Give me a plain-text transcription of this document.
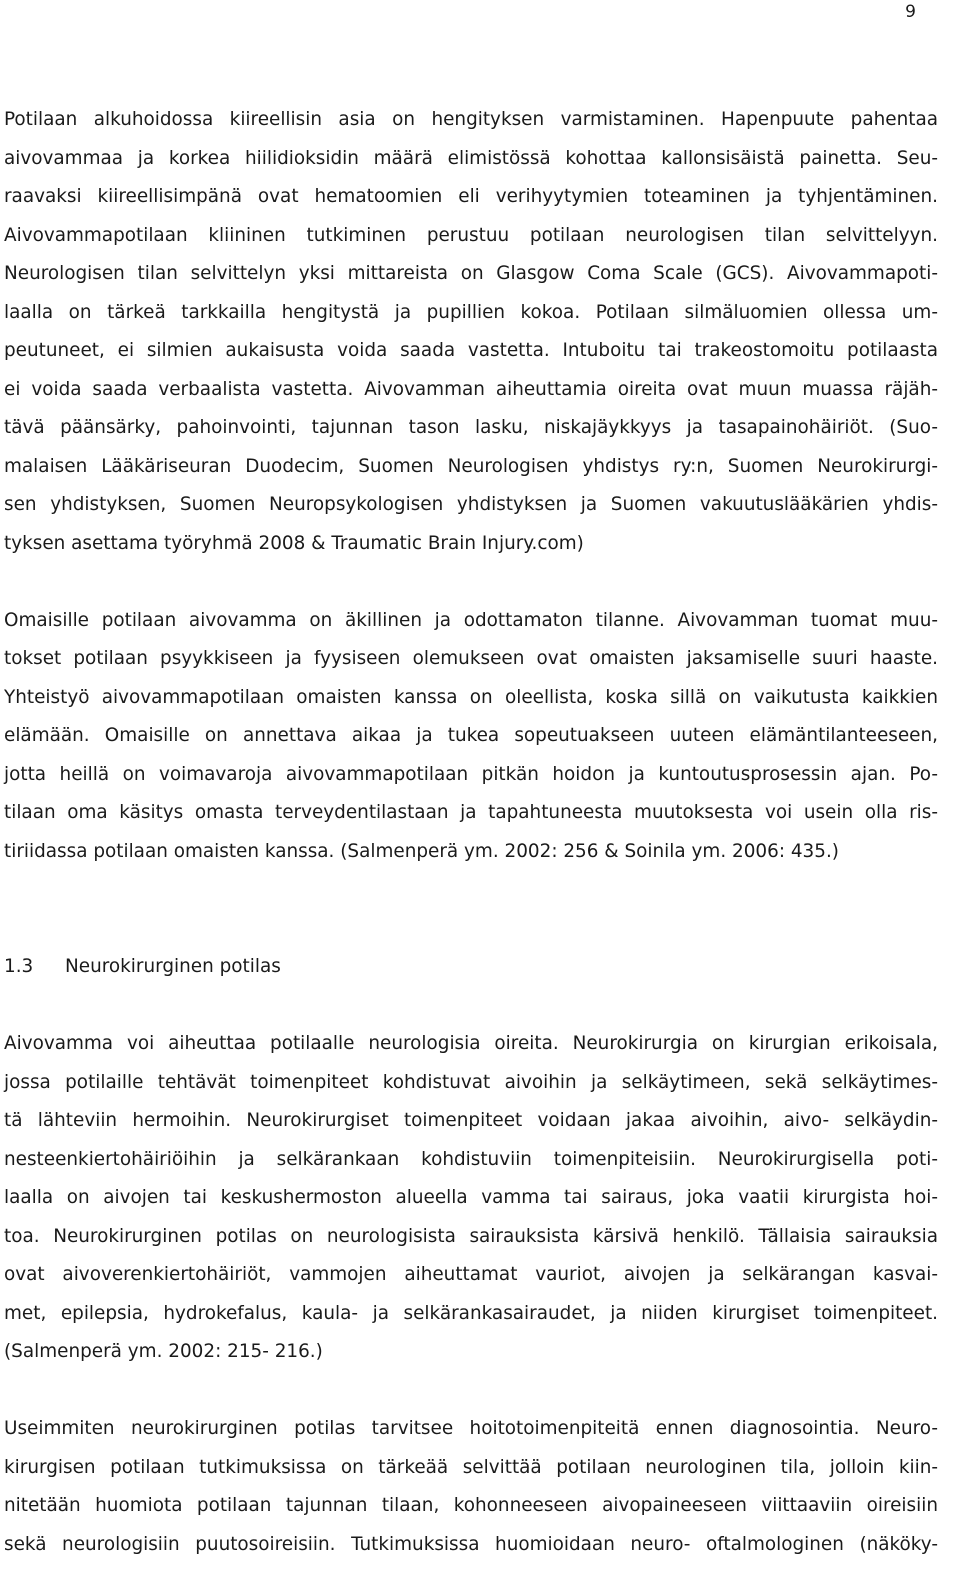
9
Potilaan alkuhoidossa kiireellisin asia on hengityksen varmistaminen. Hapenpuute pahentaa
aivovammaa ja korkea hiilidioksidin määrä elimistössä kohottaa kallonsisäistä painetta. Seu-
raavaksi kiireellisimpänä ovat hematoomien eli verihyytymien toteaminen ja tyhjentäminen.
Aivovammapotilaan kliininen tutkiminen perustuu potilaan neurologisen tilan selvittelyyn.
Neurologisen tilan selvittelyn yksi mittareista on Glasgow Coma Scale (GCS). Aivovammapoti-
laalla on tärkeä tarkkailla hengitystä ja pupillien kokoa. Potilaan silmäluomien ollessa um-
peutuneet, ei silmien aukaisusta voida saada vastetta. Intuboitu tai trakeostomoitu potilaasta
ei voida saada verbaalista vastetta. Aivovamman aiheuttamia oireita ovat muun muassa räjäh-
tävä päänsärky, pahoinvointi, tajunnan tason lasku, niskajäykkyys ja tasapainohäiriöt. (Suo-
malaisen Lääkäriseuran Duodecim, Suomen Neurologisen yhdistys ry:n, Suomen Neurokirurgi-
sen yhdistyksen, Suomen Neuropsykologisen yhdistyksen ja Suomen vakuutuslääkärien yhdis-
tyksen asettama työryhmä 2008 & Traumatic Brain Injury.com)
Omaisille potilaan aivovamma on äkillinen ja odottamaton tilanne. Aivovamman tuomat muu-
tokset potilaan psyykkiseen ja fyysiseen olemukseen ovat omaisten jaksamiselle suuri haaste.
Yhteistyö aivovammapotilaan omaisten kanssa on oleellista, koska sillä on vaikutusta kaikkien
elämään. Omaisille on annettava aikaa ja tukea sopeutuakseen uuteen elämäntilanteeseen,
jotta heillä on voimavaroja aivovammapotilaan pitkän hoidon ja kuntoutusprosessin ajan. Po-
tilaan oma käsitys omasta terveydentilastaan ja tapahtuneesta muutoksesta voi usein olla ris-
tiriidassa potilaan omaisten kanssa. (Salmenperä ym. 2002: 256 & Soinila ym. 2006: 435.)
1.3 Neurokirurginen potilas
Aivovamma voi aiheuttaa potilaalle neurologisia oireita. Neurokirurgia on kirurgian erikoisala,
jossa potilaille tehtävät toimenpiteet kohdistuvat aivoihin ja selkäytimeen, sekä selkäytimes-
tä lähteviin hermoihin. Neurokirurgiset toimenpiteet voidaan jakaa aivoihin, aivo- selkäydin-
nesteenkiertohäiriöihin ja selkärankaan kohdistuviin toimenpiteisiin. Neurokirurgisella poti-
laalla on aivojen tai keskushermoston alueella vamma tai sairaus, joka vaatii kirurgista hoi-
toa. Neurokirurginen potilas on neurologisista sairauksista kärsivä henkilö. Tällaisia sairauksia
ovat aivoverenkiertohäiriöt, vammojen aiheuttamat vauriot, aivojen ja selkärangan kasvai-
met, epilepsia, hydrokefalus, kaula- ja selkärankasairaudet, ja niiden kirurgiset toimenpiteet.
(Salmenperä ym. 2002: 215- 216.)
Useimmiten neurokirurginen potilas tarvitsee hoitotoimenpiteitä ennen diagnosointia. Neuro-
kirurgisen potilaan tutkimuksissa on tärkeää selvittää potilaan neurologinen tila, jolloin kiin-
nitetään huomiota potilaan tajunnan tilaan, kohonneeseen aivopaineeseen viittaaviin oireisiin
sekä neurologisiin puutosoireisiin. Tutkimuksissa huomioidaan neuro- oftalmologinen (näköky-
